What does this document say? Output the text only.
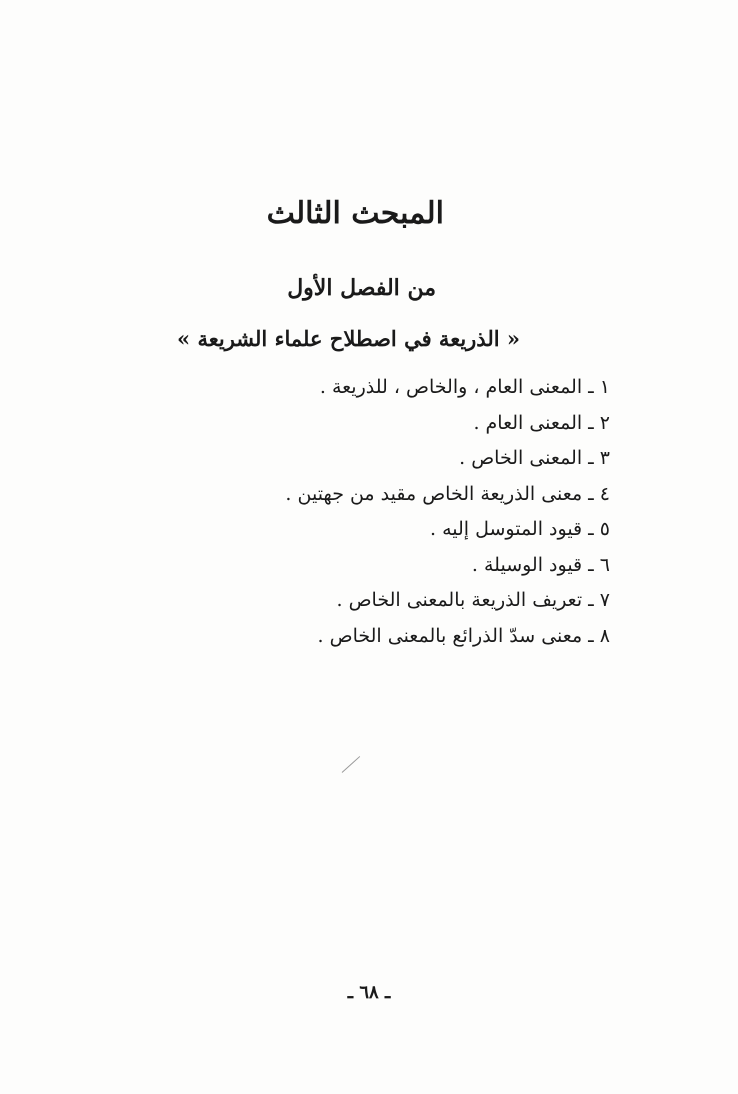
المبحث الثالث
من الفصل الأول
« الذريعة في اصطلاح علماء الشريعة »
١ ـ المعنى العام ، والخاص ، للذريعة .
٢ ـ المعنى العام .
٣ ـ المعنى الخاص .
٤ ـ معنى الذريعة الخاص مقيد من جهتين .
٥ ـ قيود المتوسل إليه .
٦ ـ قيود الوسيلة .
٧ ـ تعريف الذريعة بالمعنى الخاص .
٨ ـ معنى سدّ الذرائع بالمعنى الخاص .
ـ ٦٨ ـ
